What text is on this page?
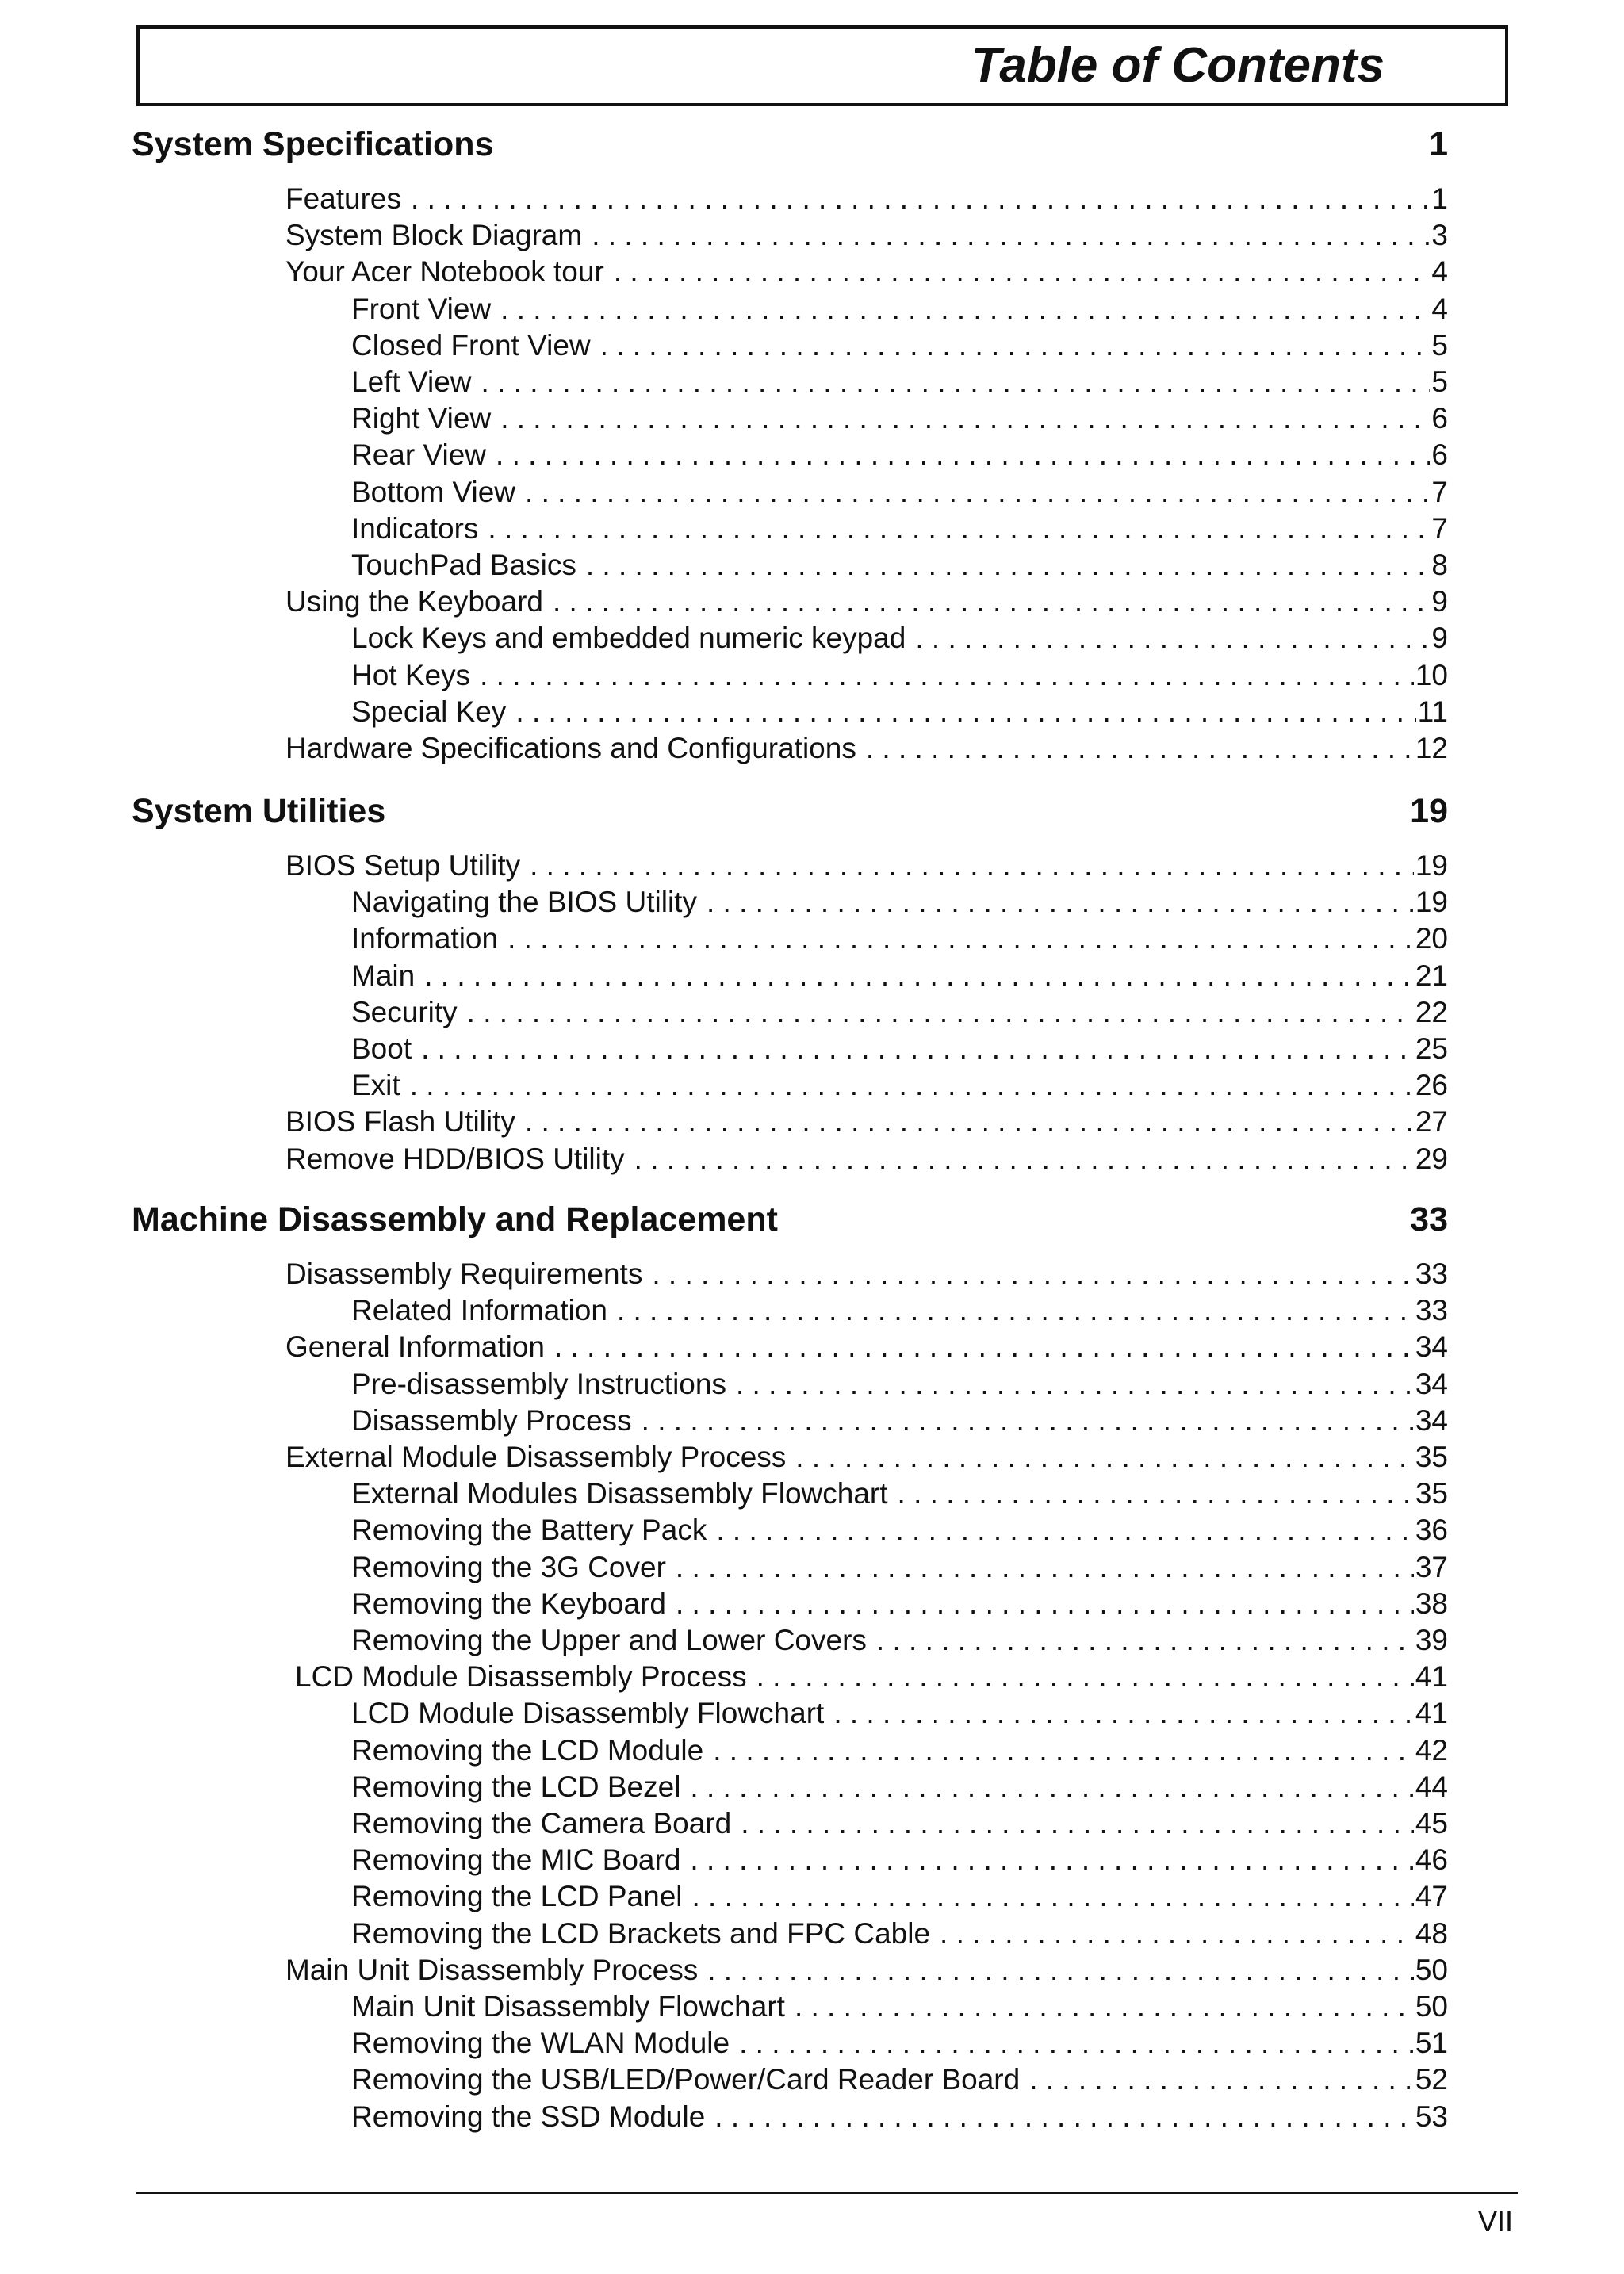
Table of Contents
System Specifications	1
Features . . .	1
System Block Diagram . . .	3
Your Acer Notebook tour . . .	4
Front View . . .	4
Closed Front View . . .	5
Left View . . .	5
Right View . . .	6
Rear View . . .	6
Bottom View . . .	7
Indicators . . .	7
TouchPad Basics . . .	8
Using the Keyboard . . .	9
Lock Keys and embedded numeric keypad . . .	9
Hot Keys . . .	10
Special Key . . .	11
Hardware Specifications and Configurations . . .	12
System Utilities	19
BIOS Setup Utility . . .	19
Navigating the BIOS Utility . . .	19
Information . . .	20
Main . . .	21
Security . . .	22
Boot . . .	25
Exit . . .	26
BIOS Flash Utility . . .	27
Remove HDD/BIOS Utility . . .	29
Machine Disassembly and Replacement	33
Disassembly Requirements . . .	33
Related Information . . .	33
General Information . . .	34
Pre-disassembly Instructions . . .	34
Disassembly Process . . .	34
External Module Disassembly Process . . .	35
External Modules Disassembly Flowchart . . .	35
Removing the Battery Pack . . .	36
Removing the 3G Cover . . .	37
Removing the Keyboard . . .	38
Removing the Upper and Lower Covers . . .	39
LCD Module Disassembly Process . . .	41
LCD Module Disassembly Flowchart . . .	41
Removing the LCD Module . . .	42
Removing the LCD Bezel . . .	44
Removing the Camera Board . . .	45
Removing the MIC Board . . .	46
Removing the LCD Panel . . .	47
Removing the LCD Brackets and FPC Cable . . .	48
Main Unit Disassembly Process . . .	50
Main Unit Disassembly Flowchart . . .	50
Removing the WLAN Module . . .	51
Removing the USB/LED/Power/Card Reader Board . . .	52
Removing the SSD Module . . .	53
VII
